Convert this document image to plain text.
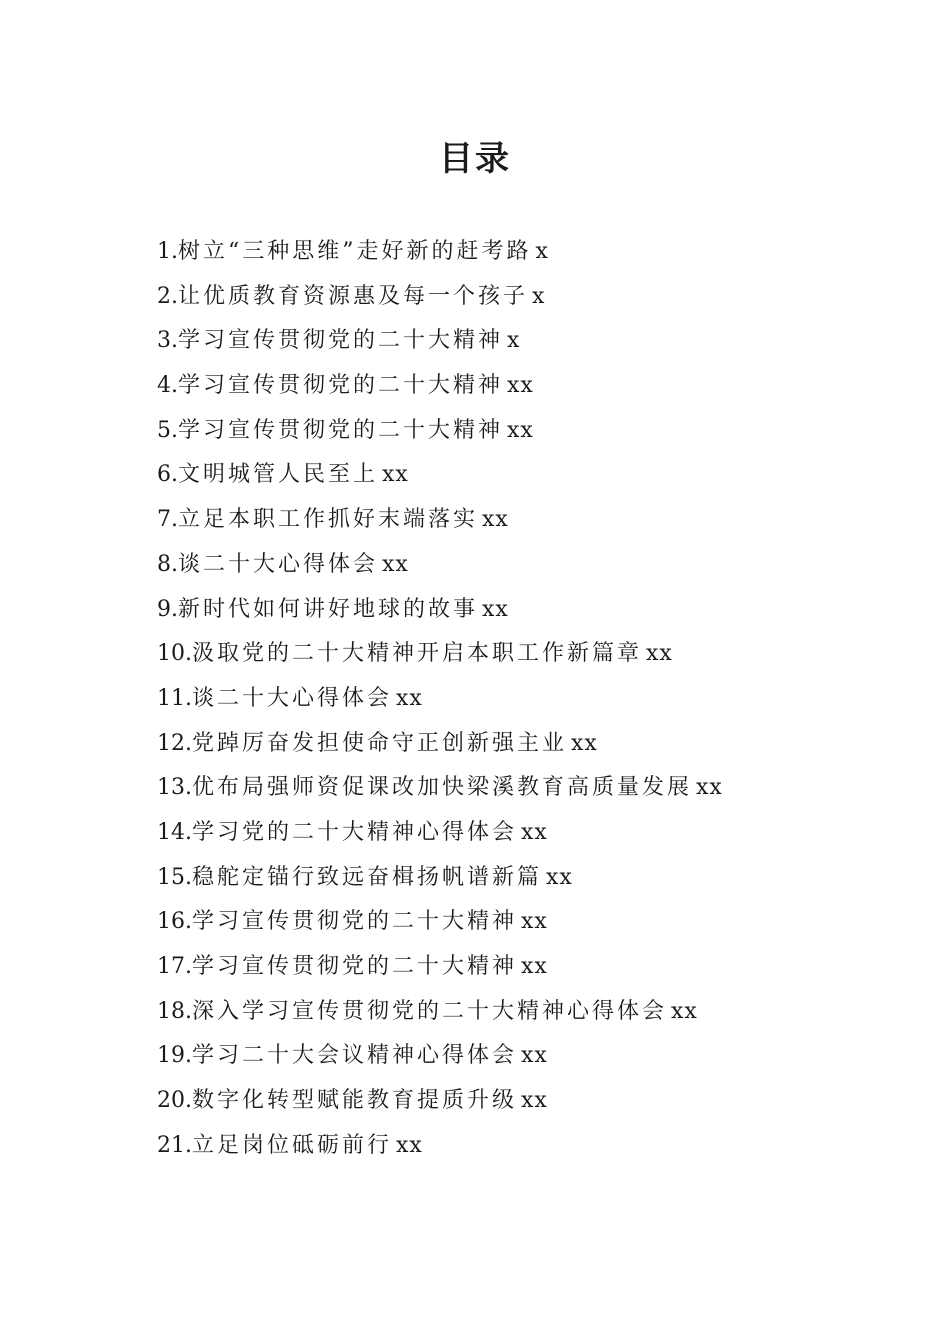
目录
1.树立“三种思维”走好新的赶考路 x
2.让优质教育资源惠及每一个孩子 x
3.学习宣传贯彻党的二十大精神 x
4.学习宣传贯彻党的二十大精神 xx
5.学习宣传贯彻党的二十大精神 xx
6.文明城管人民至上 xx
7.立足本职工作抓好末端落实 xx
8.谈二十大心得体会 xx
9.新时代如何讲好地球的故事 xx
10.汲取党的二十大精神开启本职工作新篇章 xx
11.谈二十大心得体会 xx
12.党踔厉奋发担使命守正创新强主业 xx
13.优布局强师资促课改加快梁溪教育高质量发展 xx
14.学习党的二十大精神心得体会 xx
15.稳舵定锚行致远奋楫扬帆谱新篇 xx
16.学习宣传贯彻党的二十大精神 xx
17.学习宣传贯彻党的二十大精神 xx
18.深入学习宣传贯彻党的二十大精神心得体会 xx
19.学习二十大会议精神心得体会 xx
20.数字化转型赋能教育提质升级 xx
21.立足岗位砥砺前行 xx
